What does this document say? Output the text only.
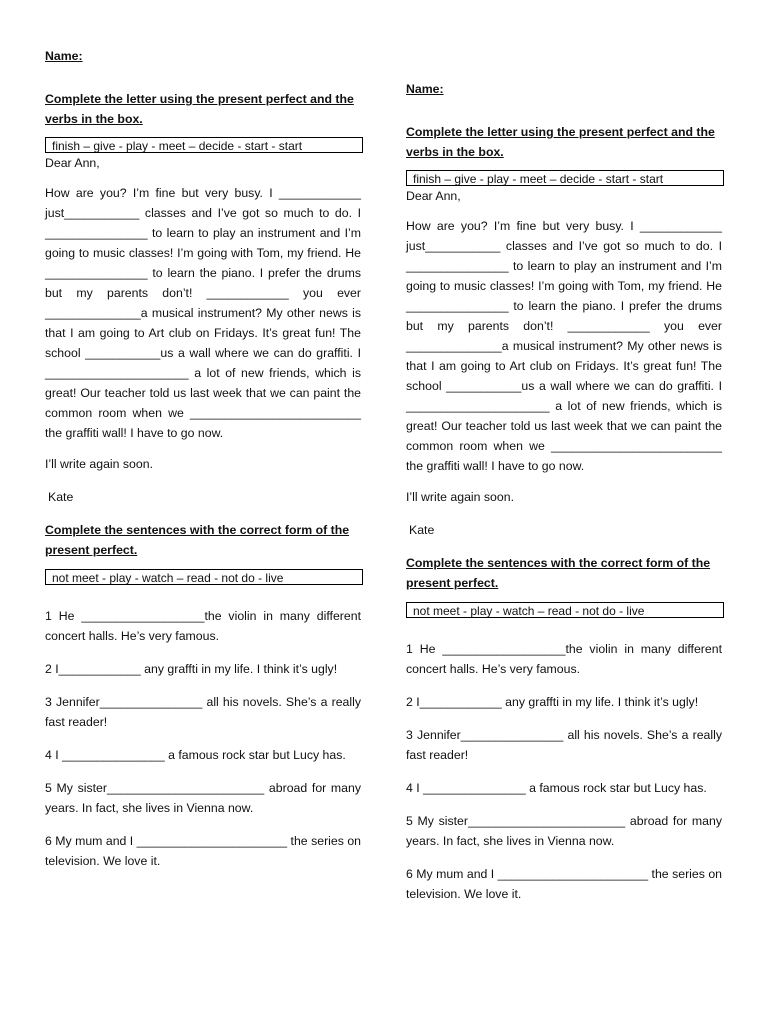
Name:

Complete the letter using the present perfect and the verbs in the box.

finish – give - play - meet – decide - start - start

Dear Ann,

How are you? I’m fine but very busy. I ____________ just___________ classes and I’ve got so much to do. I _______________ to learn to play an instrument and I’m going to music classes! I’m going with Tom, my friend. He _______________ to learn the piano. I prefer the drums but my parents don’t! ____________ you ever ______________a musical instrument? My other news is that I am going to Art club on Fridays. It’s great fun! The school ___________us a wall where we can do graffiti. I _____________________ a lot of new friends, which is great! Our teacher told us last week that we can paint the common room when we _________________________ the graffiti wall! I have to go now.

I’ll write again soon.

Kate

Complete the sentences with the correct form of the present perfect.

not meet - play - watch – read - not do - live

1 He __________________the violin in many different concert halls. He’s very famous.

2 I____________ any graffti in my life. I think it’s ugly!

3 Jennifer_______________ all his novels. She’s a really fast reader!

4 I _______________ a famous rock star but Lucy has.

5 My sister_______________________ abroad for many years. In fact, she lives in Vienna now.

6 My mum and I ______________________ the series on television. We love it.

Name:

Complete the letter using the present perfect and the verbs in the box.

finish – give - play - meet – decide - start - start

Dear Ann,

How are you? I’m fine but very busy. I ____________ just___________ classes and I’ve got so much to do. I _______________ to learn to play an instrument and I’m going to music classes! I’m going with Tom, my friend. He _______________ to learn the piano. I prefer the drums but my parents don’t! ____________ you ever ______________a musical instrument? My other news is that I am going to Art club on Fridays. It’s great fun! The school ___________us a wall where we can do graffiti. I _____________________ a lot of new friends, which is great! Our teacher told us last week that we can paint the common room when we _________________________ the graffiti wall! I have to go now.

I’ll write again soon.

Kate

Complete the sentences with the correct form of the present perfect.

not meet - play - watch – read - not do - live

1 He __________________the violin in many different concert halls. He’s very famous.

2 I____________ any graffti in my life. I think it’s ugly!

3 Jennifer_______________ all his novels. She’s a really fast reader!

4 I _______________ a famous rock star but Lucy has.

5 My sister_______________________ abroad for many years. In fact, she lives in Vienna now.

6 My mum and I ______________________ the series on television. We love it.
